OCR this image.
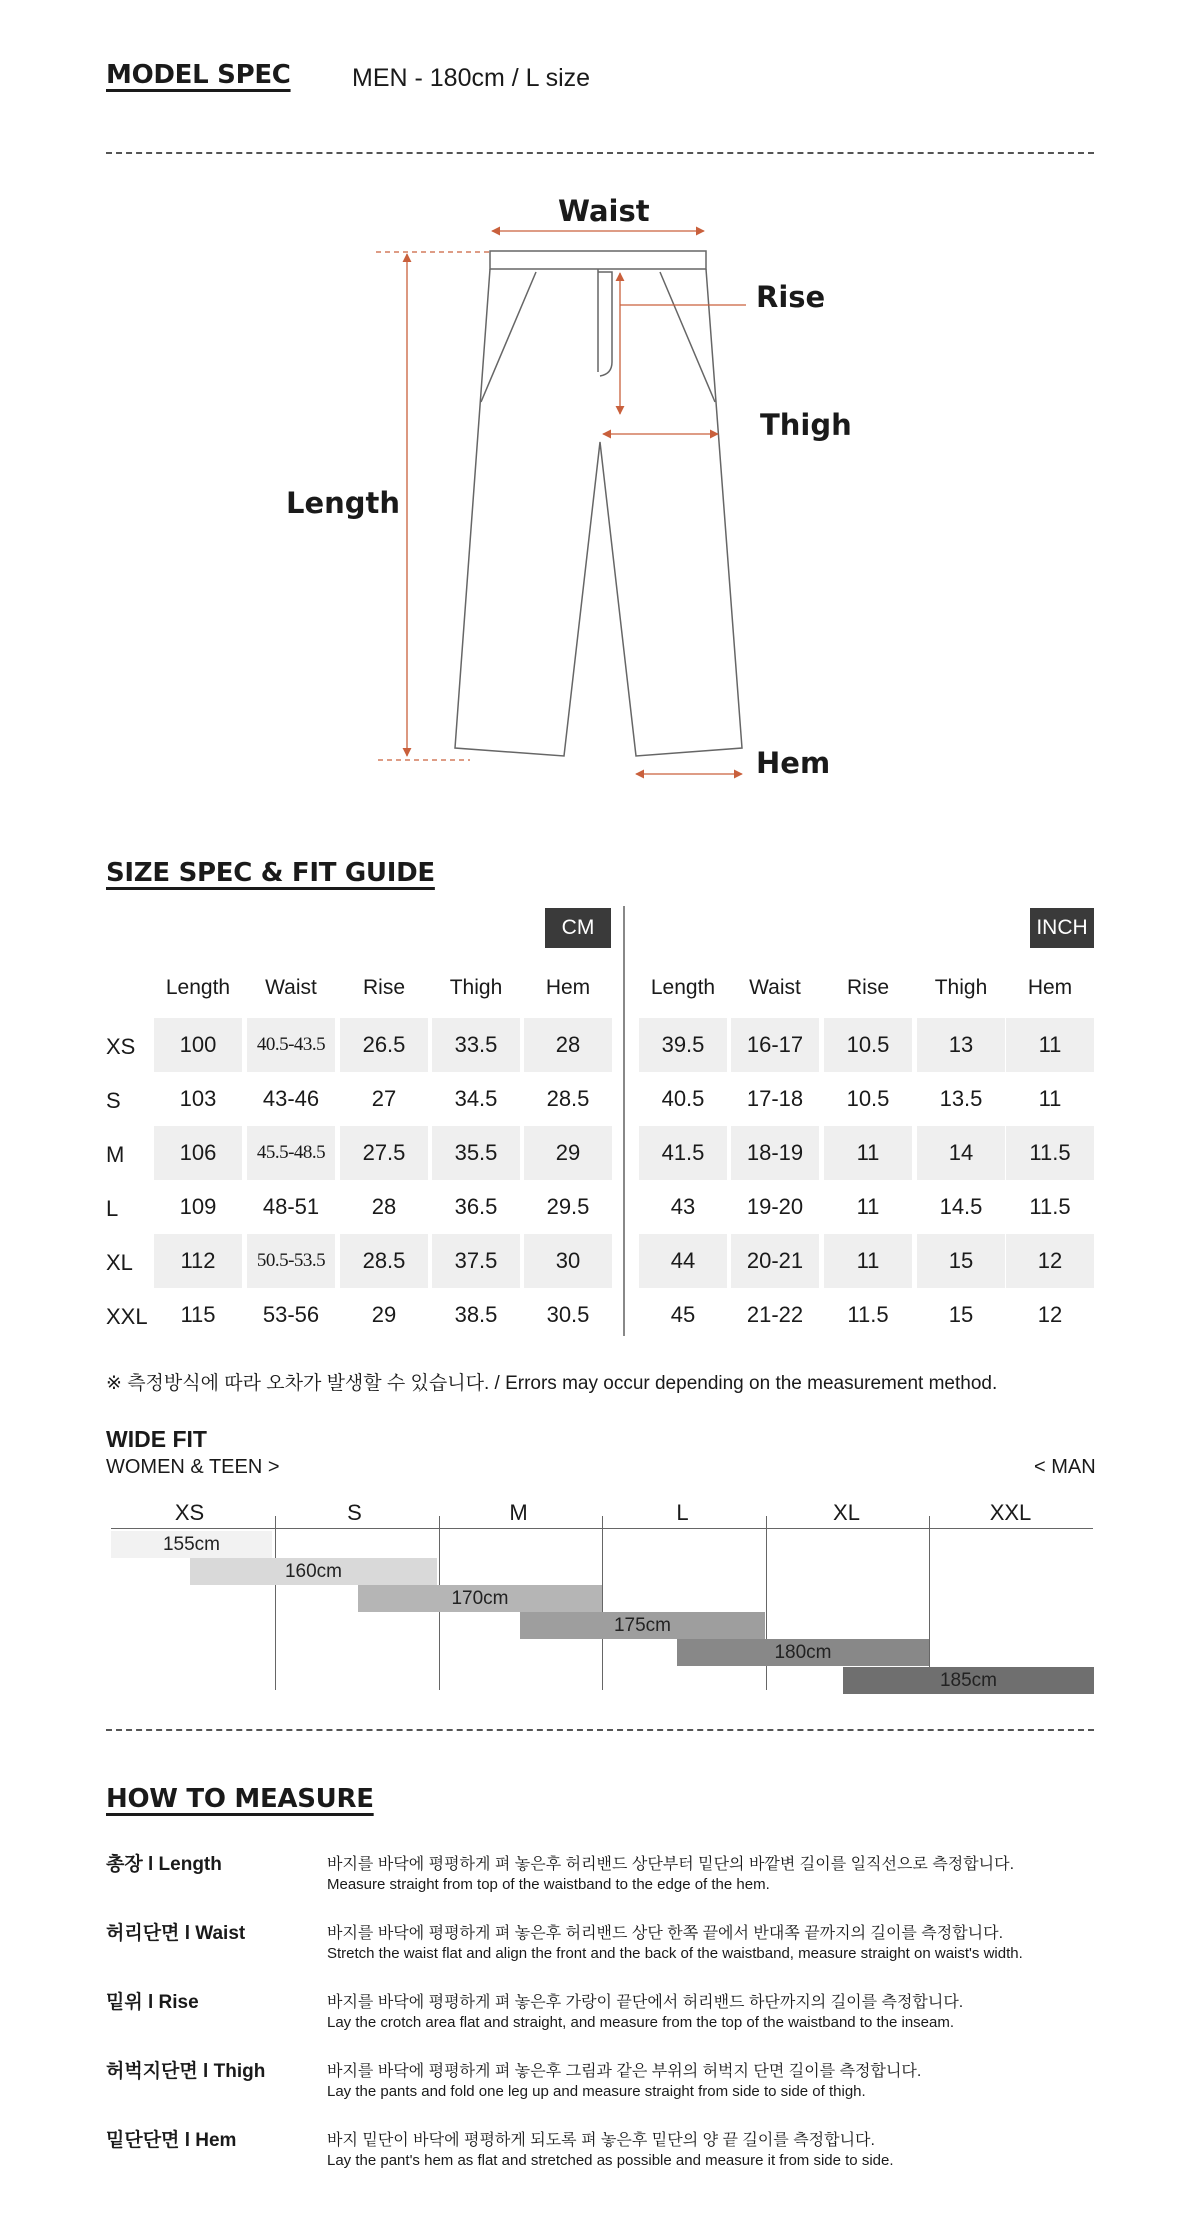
MODEL SPEC MEN - 180cm / L size
Waist
Rise
Thigh
Length
Hem
SIZE SPEC & FIT GUIDE
CM	INCH
Length	Waist	Rise	Thigh	Hem	Length	Waist	Rise	Thigh	Hem
XS	100	40.5-43.5	26.5	33.5	28	39.5	16-17	10.5	13	11
S	103	43-46	27	34.5	28.5	40.5	17-18	10.5	13.5	11
M	106	45.5-48.5	27.5	35.5	29	41.5	18-19	11	14	11.5
L	109	48-51	28	36.5	29.5	43	19-20	11	14.5	11.5
XL	112	50.5-53.5	28.5	37.5	30	44	20-21	11	15	12
XXL	115	53-56	29	38.5	30.5	45	21-22	11.5	15	12
※ 측정방식에 따라 오차가 발생할 수 있습니다. / Errors may occur depending on the measurement method.
WIDE FIT
WOMEN & TEEN >	< MAN
XS	S	M	L	XL	XXL
155cm
160cm
170cm
175cm
180cm
185cm
HOW TO MEASURE
총장 l Length	바지를 바닥에 평평하게 펴 놓은후 허리밴드 상단부터 밑단의 바깥변 길이를 일직선으로 측정합니다.
Measure straight from top of the waistband to the edge of the hem.
허리단면 l Waist	바지를 바닥에 평평하게 펴 놓은후 허리밴드 상단 한쪽 끝에서 반대쪽 끝까지의 길이를 측정합니다.
Stretch the waist flat and align the front and the back of the waistband, measure straight on waist's width.
밑위 l Rise	바지를 바닥에 평평하게 펴 놓은후 가랑이 끝단에서 허리밴드 하단까지의 길이를 측정합니다.
Lay the crotch area flat and straight, and measure from the top of the waistband to the inseam.
허벅지단면 l Thigh	바지를 바닥에 평평하게 펴 놓은후 그림과 같은 부위의 허벅지 단면 길이를 측정합니다.
Lay the pants and fold one leg up and measure straight from side to side of thigh.
밑단단면 l Hem	바지 밑단이 바닥에 평평하게 되도록 펴 놓은후 밑단의 양 끝 길이를 측정합니다.
Lay the pant's hem as flat and stretched as possible and measure it from side to side.
